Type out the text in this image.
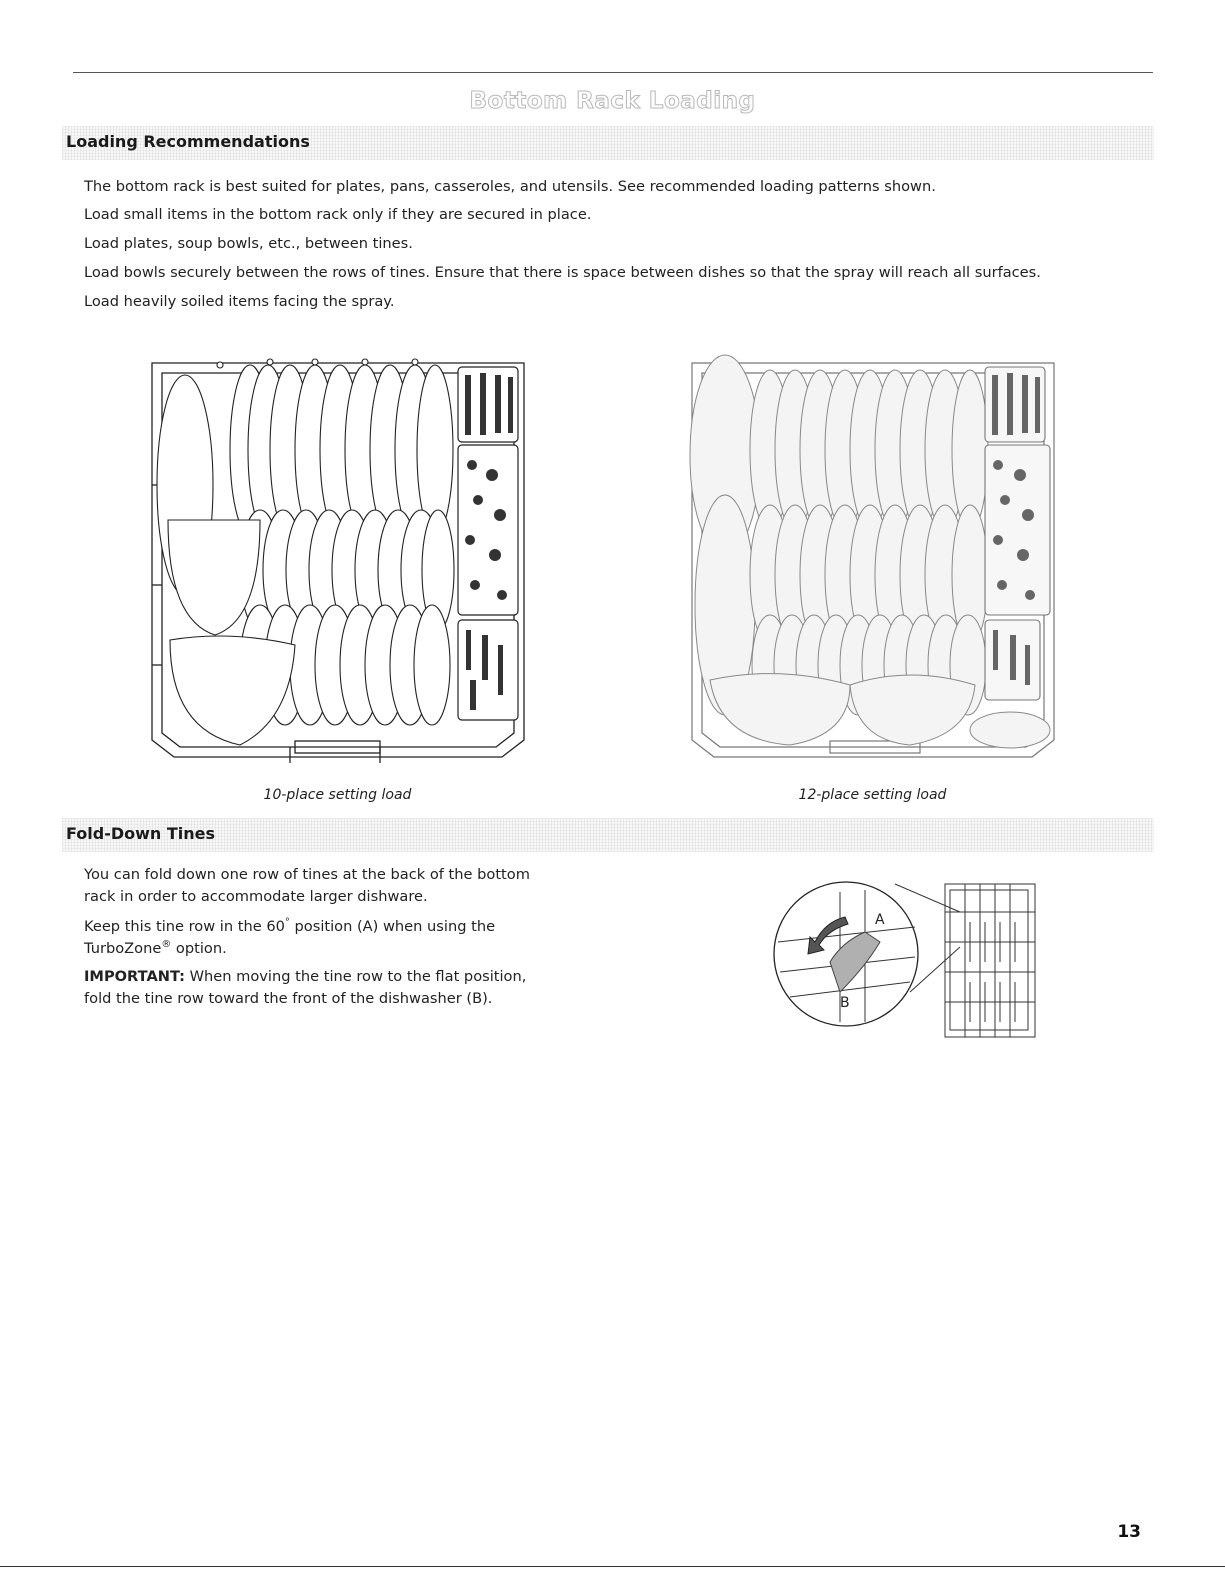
Bottom Rack Loading
Loading Recommendations

The bottom rack is best suited for plates, pans, casseroles, and utensils. See recommended loading patterns shown.

Load small items in the bottom rack only if they are secured in place.

Load plates, soup bowls, etc., between tines.

Load bowls securely between the rows of tines. Ensure that there is space between dishes so that the spray will reach all surfaces.

Load heavily soiled items facing the spray.

10-place setting load	12-place setting load
Fold-Down Tines

You can fold down one row of tines at the back of the bottom

rack in order to accommodate larger dishware.

Keep this tine row in the 60° position (A) when using the

TurboZone® option.

IMPORTANT: When moving the tine row to the flat position,

fold the tine row toward the front of the dishwasher (B).

A
B
13
